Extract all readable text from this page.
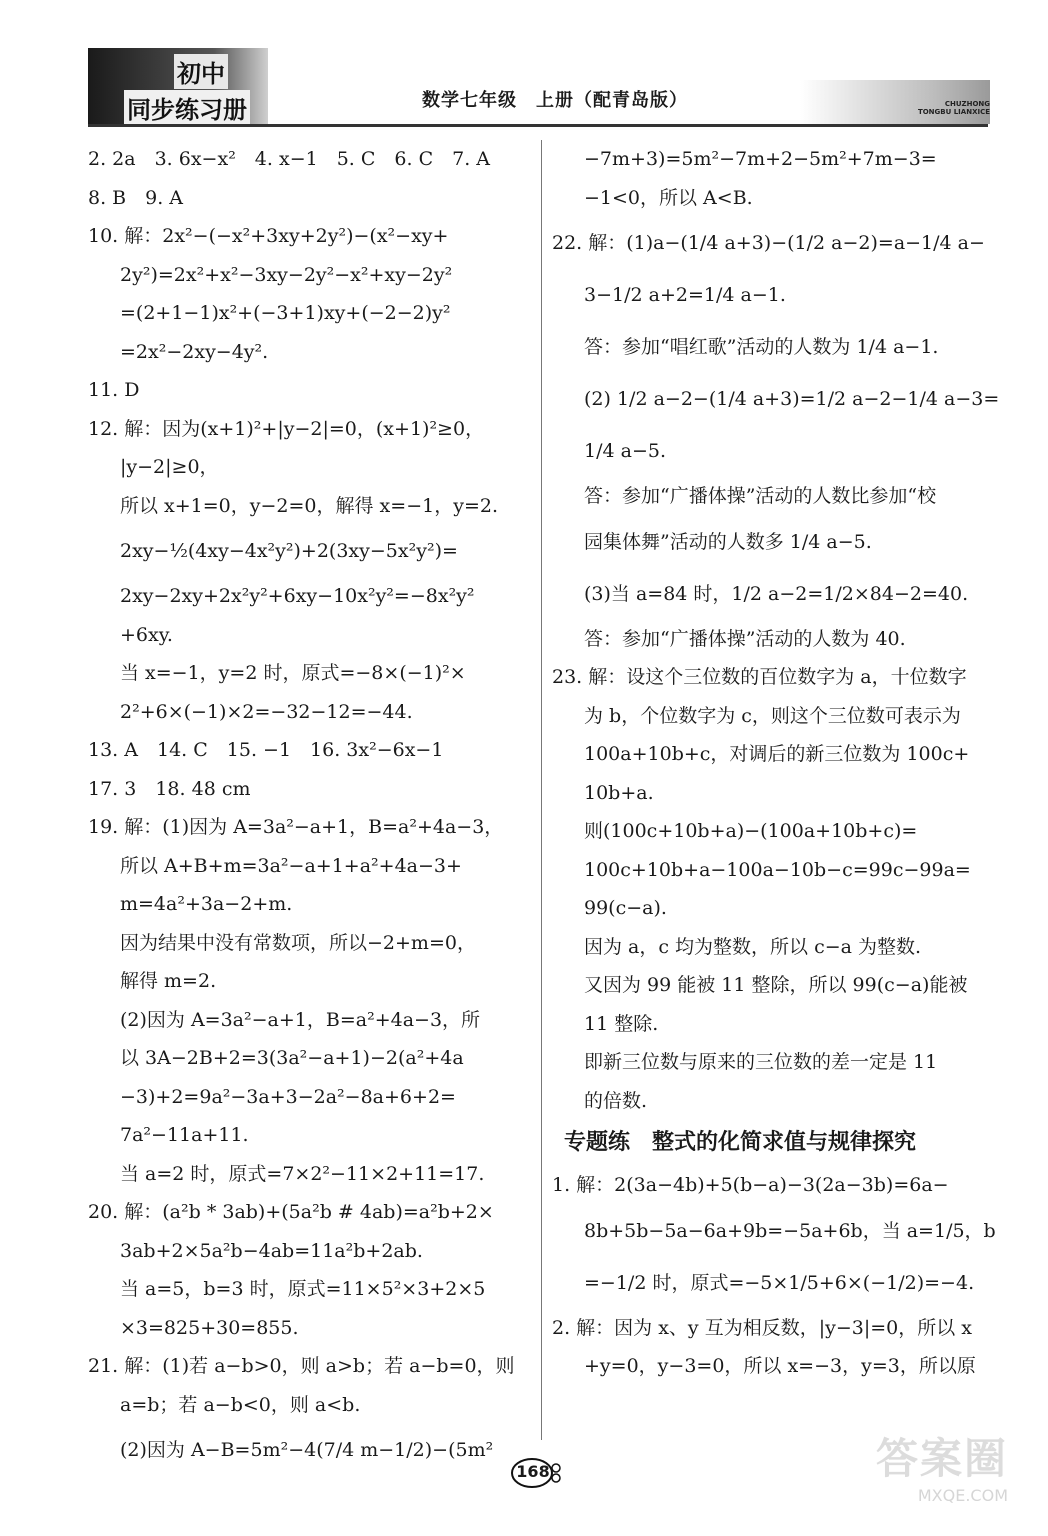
初中
同步练习册	数学七年级　上册（配青岛版）	CHUZHONG
TONGBU LIANXICE
2. 2a　3. 6x−x²　4. x−1　5. C　6. C　7. A
8. B　9. A
10. 解：2x²−(−x²+3xy+2y²)−(x²−xy+
2y²)=2x²+x²−3xy−2y²−x²+xy−2y²
=(2+1−1)x²+(−3+1)xy+(−2−2)y²
=2x²−2xy−4y².
11. D
12. 解：因为(x+1)²+|y−2|=0，(x+1)²≥0，
|y−2|≥0，
所以 x+1=0，y−2=0，解得 x=−1，y=2.
2xy−½(4xy−4x²y²)+2(3xy−5x²y²)=
2xy−2xy+2x²y²+6xy−10x²y²=−8x²y²
+6xy.
当 x=−1，y=2 时，原式=−8×(−1)²×
2²+6×(−1)×2=−32−12=−44.
13. A　14. C　15. −1　16. 3x²−6x−1
17. 3　18. 48 cm
19. 解：(1)因为 A=3a²−a+1，B=a²+4a−3，
所以 A+B+m=3a²−a+1+a²+4a−3+
m=4a²+3a−2+m.
因为结果中没有常数项，所以−2+m=0，
解得 m=2.
(2)因为 A=3a²−a+1，B=a²+4a−3，所
以 3A−2B+2=3(3a²−a+1)−2(a²+4a
−3)+2=9a²−3a+3−2a²−8a+6+2=
7a²−11a+11.
当 a=2 时，原式=7×2²−11×2+11=17.
20. 解：(a²b * 3ab)+(5a²b # 4ab)=a²b+2×
3ab+2×5a²b−4ab=11a²b+2ab.
当 a=5，b=3 时，原式=11×5²×3+2×5
×3=825+30=855.
21. 解：(1)若 a−b>0，则 a>b；若 a−b=0，则
a=b；若 a−b<0，则 a<b.
(2)因为 A−B=5m²−4(7/4 m−1/2)−(5m²
−7m+3)=5m²−7m+2−5m²+7m−3=
−1<0，所以 A<B.
22. 解：(1)a−(1/4 a+3)−(1/2 a−2)=a−1/4 a−
3−1/2 a+2=1/4 a−1.
答：参加“唱红歌”活动的人数为 1/4 a−1.
(2) 1/2 a−2−(1/4 a+3)=1/2 a−2−1/4 a−3=
1/4 a−5.
答：参加“广播体操”活动的人数比参加“校
园集体舞”活动的人数多 1/4 a−5.
(3)当 a=84 时，1/2 a−2=1/2×84−2=40.
答：参加“广播体操”活动的人数为 40.
23. 解：设这个三位数的百位数字为 a，十位数字
为 b，个位数字为 c，则这个三位数可表示为
100a+10b+c，对调后的新三位数为 100c+
10b+a.
则(100c+10b+a)−(100a+10b+c)=
100c+10b+a−100a−10b−c=99c−99a=
99(c−a).
因为 a，c 均为整数，所以 c−a 为整数.
又因为 99 能被 11 整除，所以 99(c−a)能被
11 整除.
即新三位数与原来的三位数的差一定是 11
的倍数.
专题练　整式的化简求值与规律探究
1. 解：2(3a−4b)+5(b−a)−3(2a−3b)=6a−
8b+5b−5a−6a+9b=−5a+6b，当 a=1/5，b
=−1/2 时，原式=−5×1/5+6×(−1/2)=−4.
2. 解：因为 x、y 互为相反数，|y−3|=0，所以 x
+y=0，y−3=0，所以 x=−3，y=3，所以原
168	答案圈
MXQE.COM
